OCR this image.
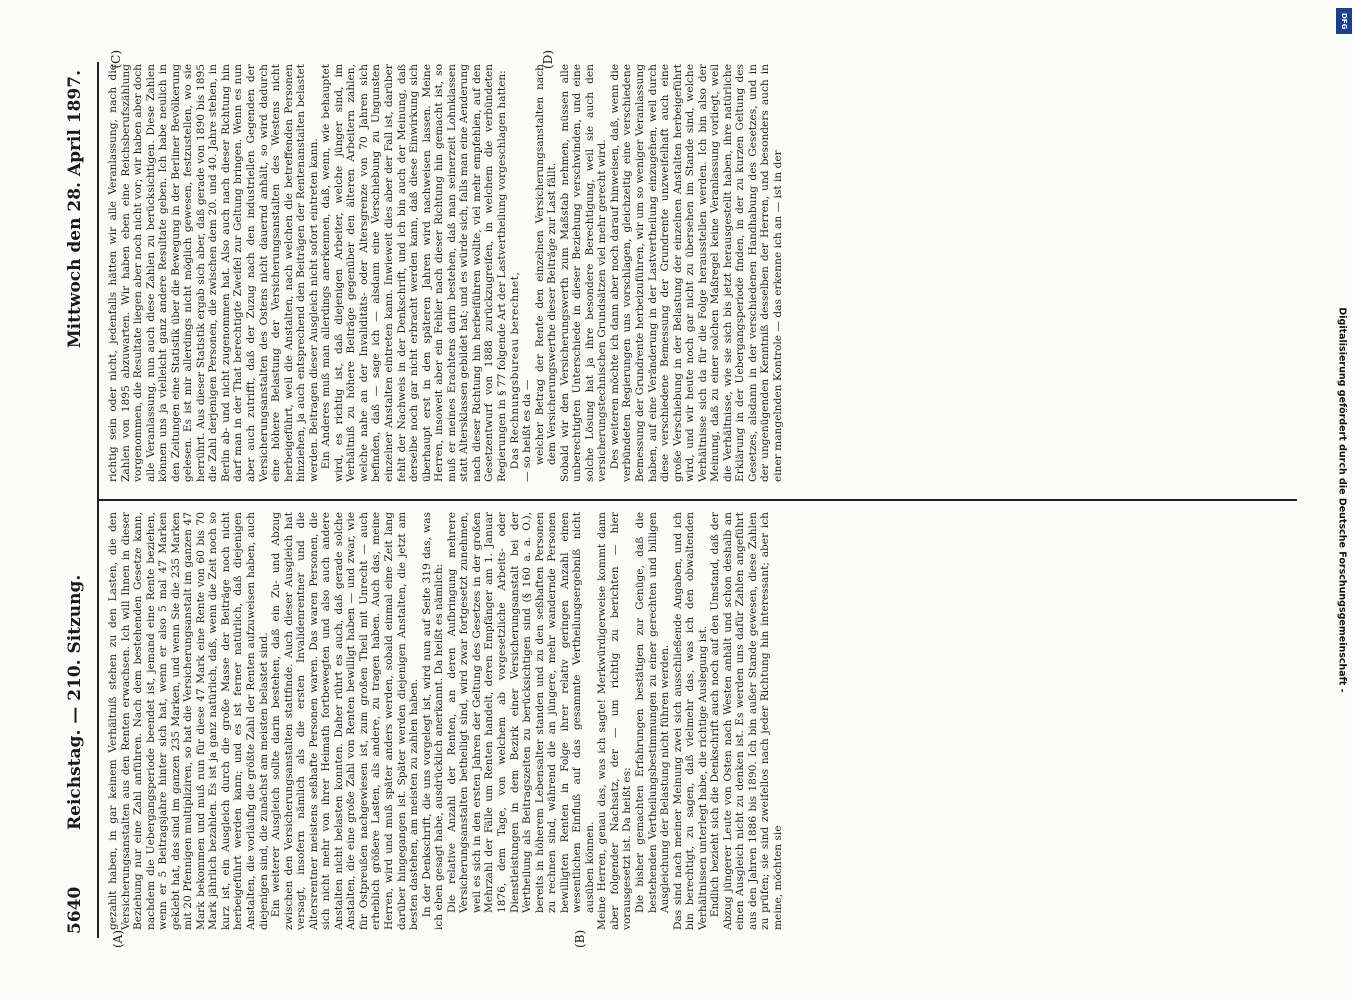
5640
Reichstag. — 210. Sitzung.
Mittwoch den 28. April 1897.
(A)	(B)
(C)	(D)

gezahlt haben, in gar keinem Verhältniß stehen zu den Lasten, die den Versicherungsanstalten aus den Renten erwachsen. Ich will Ihnen in dieser Beziehung nur eine Zahl anführen. Nach dem bestehenden Gesetze kann, nachdem die Uebergangsperiode beendet ist, jemand eine Rente beziehen, wenn er 5 Beitragsjahre hinter sich hat, wenn er also 5 mal 47 Marken geklebt hat, das sind im ganzen 235 Marken, und wenn Sie die 235 Marken mit 20 Pfennigen multipliziren, so hat die Versicherungsanstalt im ganzen 47 Mark bekommen und muß nun für diese 47 Mark eine Rente von 60 bis 70 Mark jährlich bezahlen. Es ist ja ganz natürlich, daß, wenn die Zeit noch so kurz ist, ein Ausgleich durch die große Masse der Beiträge noch nicht herbeigeführt werden kann; und es ist ferner natürlich, daß diejenigen Anstalten, die vorläufig die größte Zahl der Renten aufzuweisen haben, auch diejenigen sind, die zunächst am meisten belastet sind. Ein weiterer Ausgleich sollte darin bestehen, daß ein Zu- und Abzug zwischen den Versicherungsanstalten stattfinde. Auch dieser Ausgleich hat versagt, insofern nämlich als die ersten Invalidenrentner und die Altersrentner meistens seßhafte Personen waren. Das waren Personen, die sich nicht mehr von ihrer Heimath fortbewegten und also auch andere Anstalten nicht belasten konnten. Daher rührt es auch, daß gerade solche Anstalten, die eine große Zahl von Renten bewilligt haben — und zwar, wie für Ostpreußen nachgewiesen ist, zum großen Theil mit Unrecht — auch erheblich größere Lasten, als andere, zu tragen haben. Auch das, meine Herren, wird und muß später anders werden, sobald einmal eine Zeit lang darüber hingegangen ist. Später werden diejenigen Anstalten, die jetzt am besten dastehen, am meisten zu zahlen haben. In der Denkschrift, die uns vorgelegt ist, wird nun auf Seite 319 das, was ich eben gesagt habe, ausdrücklich anerkannt. Da heißt es nämlich: Die relative Anzahl der Renten, an deren Aufbringung mehrere Versicherungsanstalten betheiligt sind, wird zwar fortgesetzt zunehmen, weil es sich in den ersten Jahren der Geltung des Gesetzes in der großen Mehrzahl der Fälle um Renten handelt, deren Empfänger am 1. Januar 1876, dem Tage, von welchem ab vorgesetzliche Arbeits- oder Dienstleistungen in dem Bezirk einer Versicherungsanstalt bei der Vertheilung als Beitragszeiten zu berücksichtigen sind (§ 160 a. a. O.), bereits in höherem Lebensalter standen und zu den seßhaften Personen zu rechnen sind, während die an jüngere, mehr wandernde Personen bewilligten Renten in Folge ihrer relativ geringen Anzahl einen wesentlichen Einfluß auf das gesammte Vertheilungsergebniß nicht ausüben können. Meine Herren, genau das, was ich sagte! Merkwürdigerweise kommt dann aber folgender Nachsatz, der — um richtig zu berichten — hier vorausgesetzt ist. Da heißt es: Die bisher gemachten Erfahrungen bestätigen zur Genüge, daß die bestehenden Vertheilungsbestimmungen zu einer gerechten und billigen Ausgleichung der Belastung nicht führen werden. Das sind nach meiner Meinung zwei sich ausschließende Angaben, und ich bin berechtigt, zu sagen, daß vielmehr das, was ich den obwaltenden Verhältnissen unterlegt habe, die richtige Auslegung ist. Endlich bezieht sich die Denkschrift auch noch auf den Umstand, daß der Abzug jüngerer Leute von Osten nach Westen anhält und schon deshalb an einen Ausgleich nicht zu denken ist. Es werden uns dafür Zahlen angeführt aus den Jahren 1886 bis 1890. Ich bin außer Stande gewesen, diese Zahlen zu prüfen; sie sind zweifellos nach jeder Richtung hin interessant; aber ich meine, möchten sie

richtig sein oder nicht, jedenfalls hätten wir alle Veranlassung, nach die Zahlen von 1895 abzuwarten. Wir haben eben eine Reichsberufszählung vorgenommen, die Resultate liegen aber noch nicht vor; wir haben aber doch alle Veranlassung, nun auch diese Zahlen zu berücksichtigen. Diese Zahlen können uns ja vielleicht ganz andere Resultate geben. Ich habe neulich in den Zeitungen eine Statistik über die Bewegung in der Berliner Bevölkerung gelesen. Es ist mir allerdings nicht möglich gewesen, festzustellen, wo sie herrührt. Aus dieser Statistik ergab sich aber, daß gerade von 1890 bis 1895 die Zahl derjenigen Personen, die zwischen dem 20. und 40. Jahre stehen, in Berlin ab- und nicht zugenommen hat. Also auch nach dieser Richtung hin darf man in der That berechtigte Zweifel zur Geltung bringen. Wenn es nun aber auch zutrifft, daß der Zuzug nach den industriellen Gegenden der Versicherungsanstalten des Ostens nicht dauernd anhält, so wird dadurch eine höhere Belastung der Versicherungsanstalten des Westens nicht herbeigeführt, weil die Anstalten, nach welchen die betreffenden Personen hinziehen, ja auch entsprechend den Beiträgen der Rentenanstalten belastet werden. Beitragen dieser Ausgleich nicht sofort eintreten kann. Ein Anderes muß man allerdings anerkennen, daß, wenn, wie behauptet wird, es richtig ist, daß diejenigen Arbeiter, welche jünger sind, im Verhältniß zu höhere Beiträge gegenüber den älteren Arbeitern zahlen, welche nahe an der Invaliditäts- oder Altersgrenze von 70 Jahren sich befinden, daß — sage ich — alsdann eine Verschiebung zu Ungunsten einzelner Anstalten eintreten kann. Inwieweit dies aber der Fall ist, darüber fehlt der Nachweis in der Denkschrift, und ich bin auch der Meinung, daß derselbe noch gar nicht erbracht werden kann, daß diese Einwirkung sich überhaupt erst in den späteren Jahren wird nachweisen lassen. Meine Herren, insoweit aber ein Fehler nach dieser Richtung hin gemacht ist, so muß er meines Erachtens darin bestehen, daß man seinerzeit Lohnklassen statt Altersklassen gebildet hat; und es würde sich, falls man eine Aenderung nach dieser Richtung hin herbeiführen wollte, viel mehr empfehlen, auf den Gesetzentwurf von 1888 zurückzugreifen, in welchem die verbündeten Regierungen in § 77 folgende Art der Lastvertheilung vorgeschlagen hatten: Das Rechnungsbureau berechnet, — so heißt es da — welcher Betrag der Rente den einzelnen Versicherungsanstalten nach dem Versicherungswerthe dieser Beiträge zur Last fällt. Sobald wir den Versicherungswerth zum Maßstab nehmen, müssen alle unberechtigten Unterschiede in dieser Beziehung verschwinden, und eine solche Lösung hat ja ihre besondere Berechtigung, weil sie auch den versicherungstechnischen Grundsätzen viel mehr gerecht wird. Des weiteren möchte ich dann aber noch darauf hinweisen, daß, wenn die verbündeten Regierungen uns vorschlagen, gleichzeitig eine verschiedene Bemessung der Grundrente herbeizuführen, wir um so weniger Veranlassung haben, auf eine Veränderung in der Lastvertheilung einzugehen, weil durch diese verschiedene Bemessung der Grundrente unzweifelhaft auch eine große Verschiebung in der Belastung der einzelnen Anstalten herbeigeführt wird, und wir heute noch gar nicht zu übersehen im Stande sind, welche Verhältnisse sich da für die Folge herausstellen werden. Ich bin also der Meinung, daß zu einer solchen Maßregel keine Veranlassung vorliegt, weil die Verhältnisse, wie sie sich bis jetzt herausgestellt haben, ihre natürliche Erklärung in der Uebergangsperiode finden, in der zu kurzen Geltung des Gesetzes, alsdann in der verschiedenen Handhabung des Gesetzes, und in der ungenügenden Kenntniß desselben der Herren, und besonders auch in einer mangelnden Kontrole — das erkenne ich an — ist in der	Digitalisierung gefördert durch die Deutsche Forschungsgemeinschaft -
DFG
